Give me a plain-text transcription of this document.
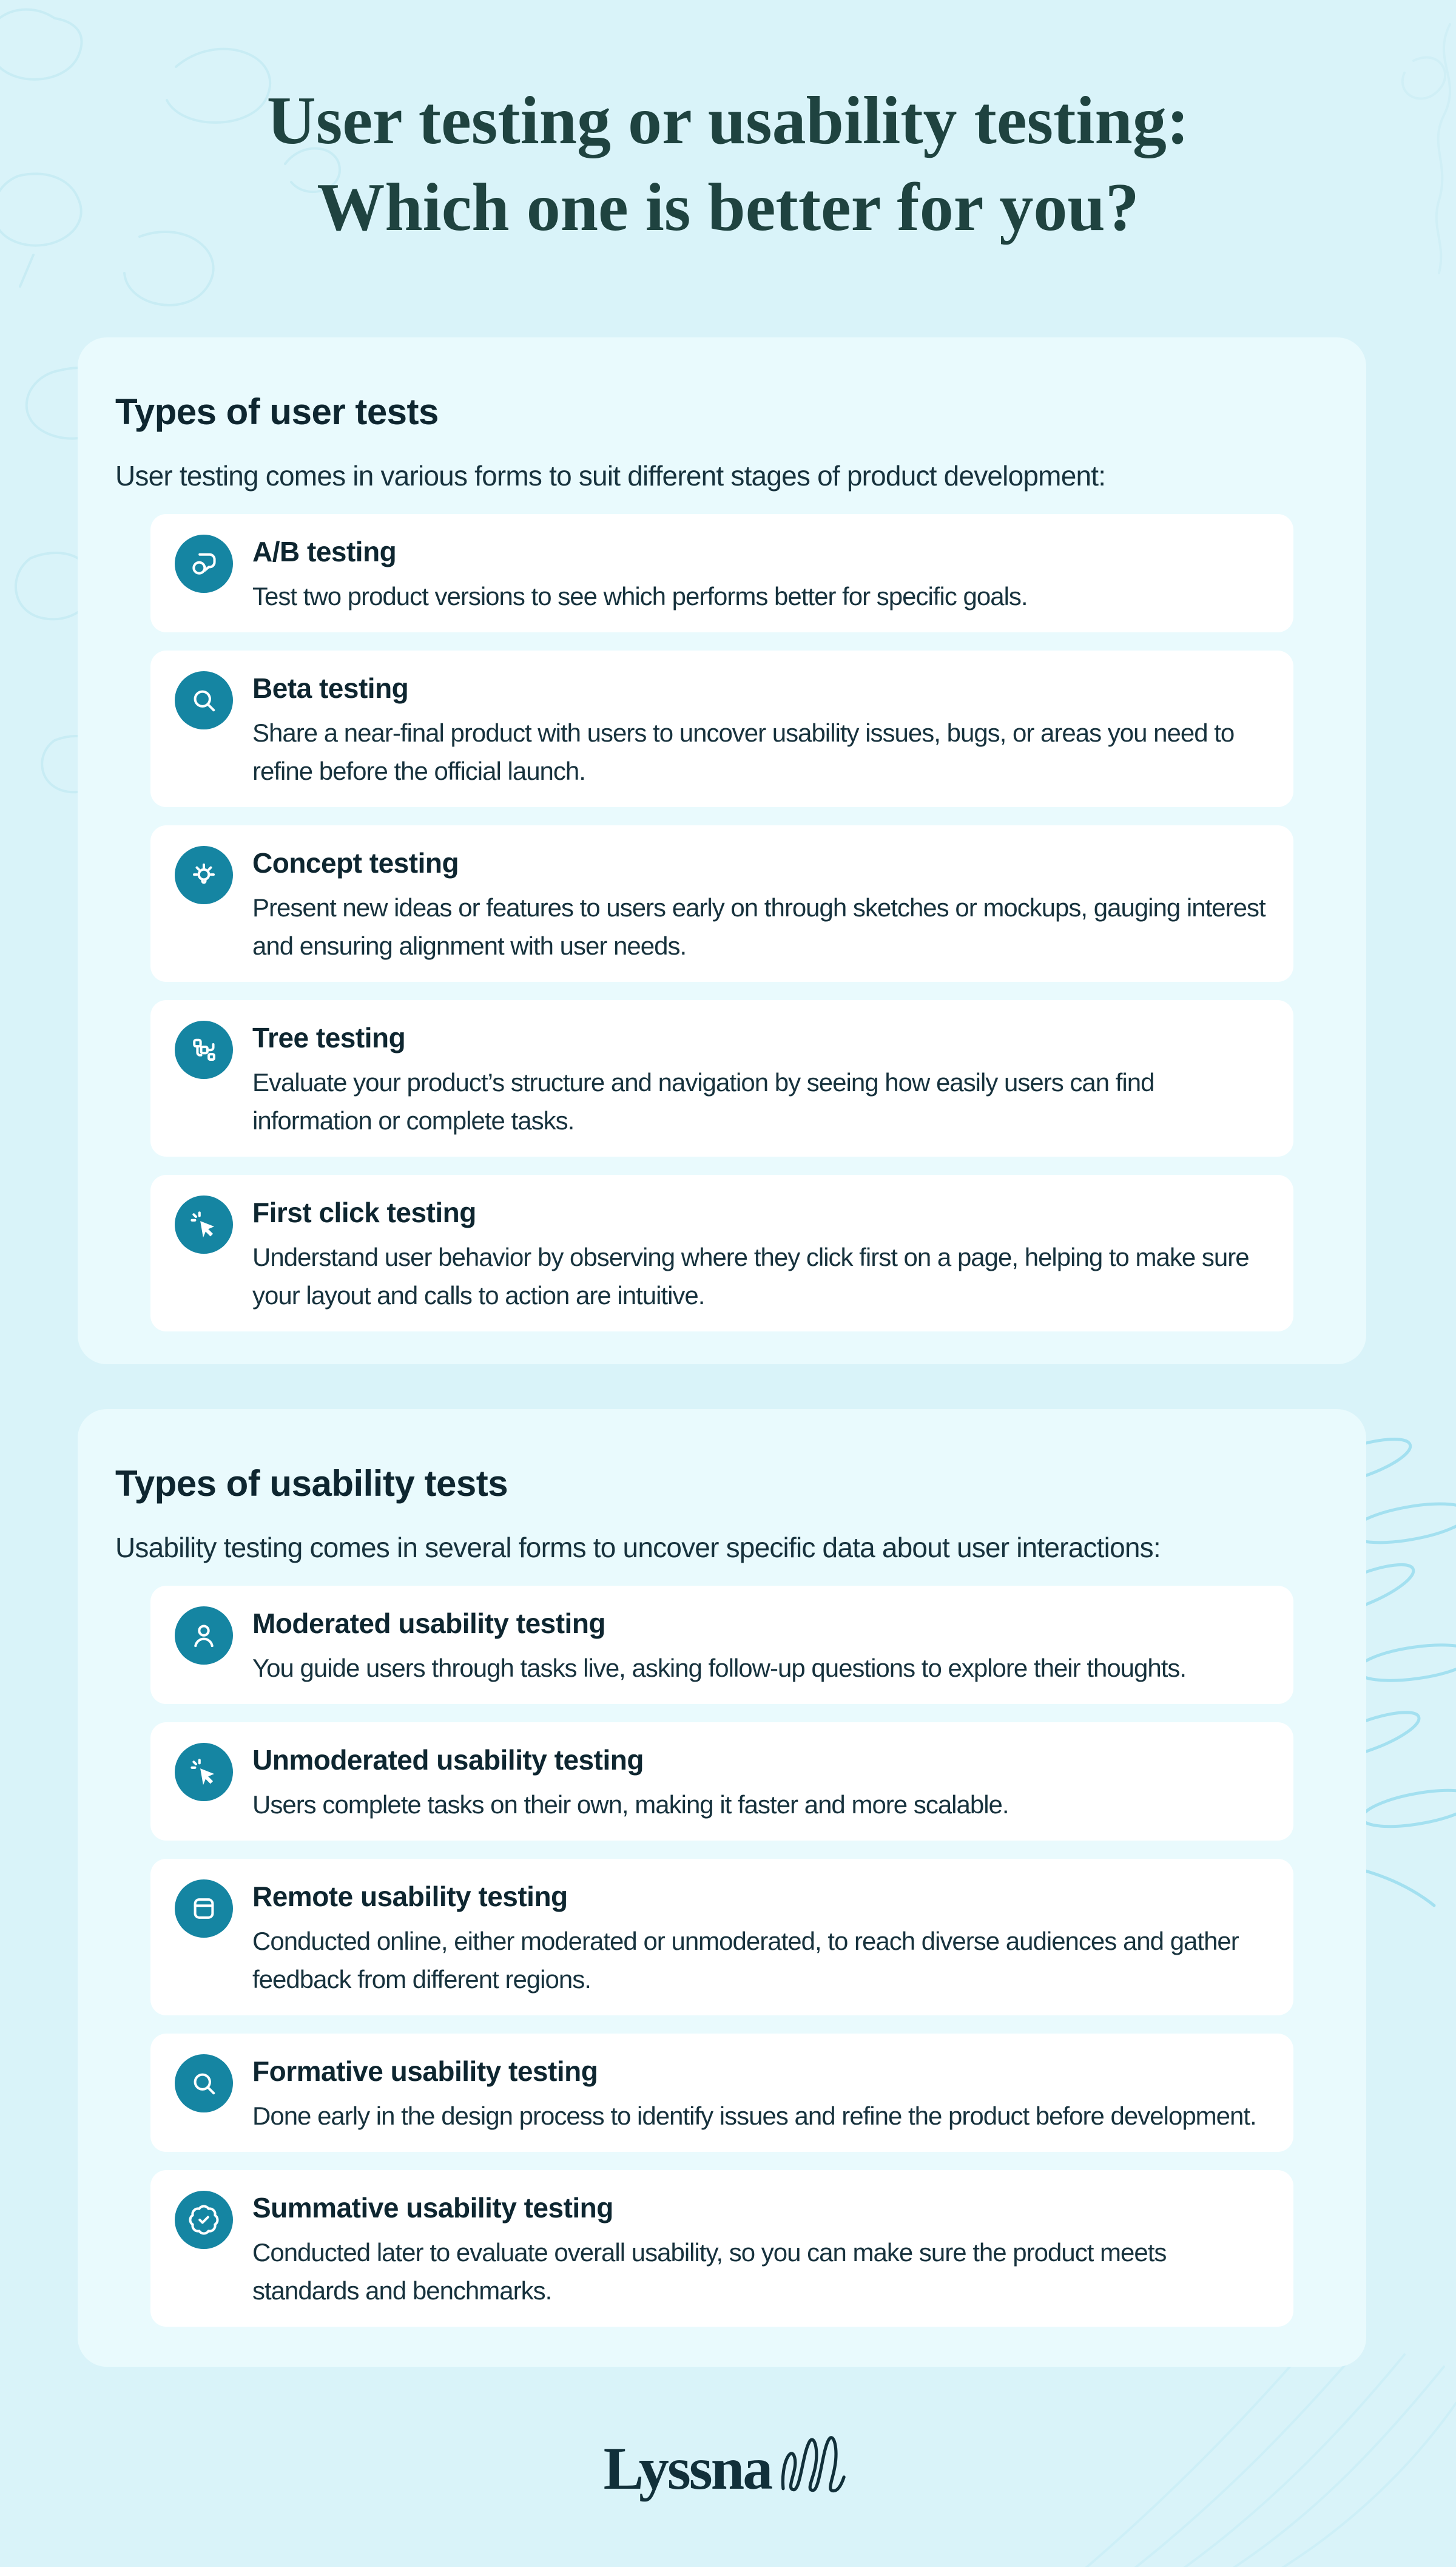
User testing or usability testing:
Which one is better for you?
Types of user tests

User testing comes in various forms to suit different stages of product development:

A/B testing

Test two product versions to see which performs better for specific goals.

Beta testing

Share a near-final product with users to uncover usability issues, bugs, or areas you need to refine before the official launch.

Concept testing

Present new ideas or features to users early on through sketches or mockups, gauging interest and ensuring alignment with user needs.

Tree testing

Evaluate your product’s structure and navigation by seeing how easily users can find information or complete tasks.

First click testing

Understand user behavior by observing where they click first on a page, helping to make sure your layout and calls to action are intuitive.

Types of usability tests

Usability testing comes in several forms to uncover specific data about user interactions:

Moderated usability testing

You guide users through tasks live, asking follow-up questions to explore their thoughts.

Unmoderated usability testing

Users complete tasks on their own, making it faster and more scalable.

Remote usability testing

Conducted online, either moderated or unmoderated, to reach diverse audiences and gather feedback from different regions.

Formative usability testing

Done early in the design process to identify issues and refine the product before development.

Summative usability testing

Conducted later to evaluate overall usability, so you can make sure the product meets standards and benchmarks.

Lyssna
